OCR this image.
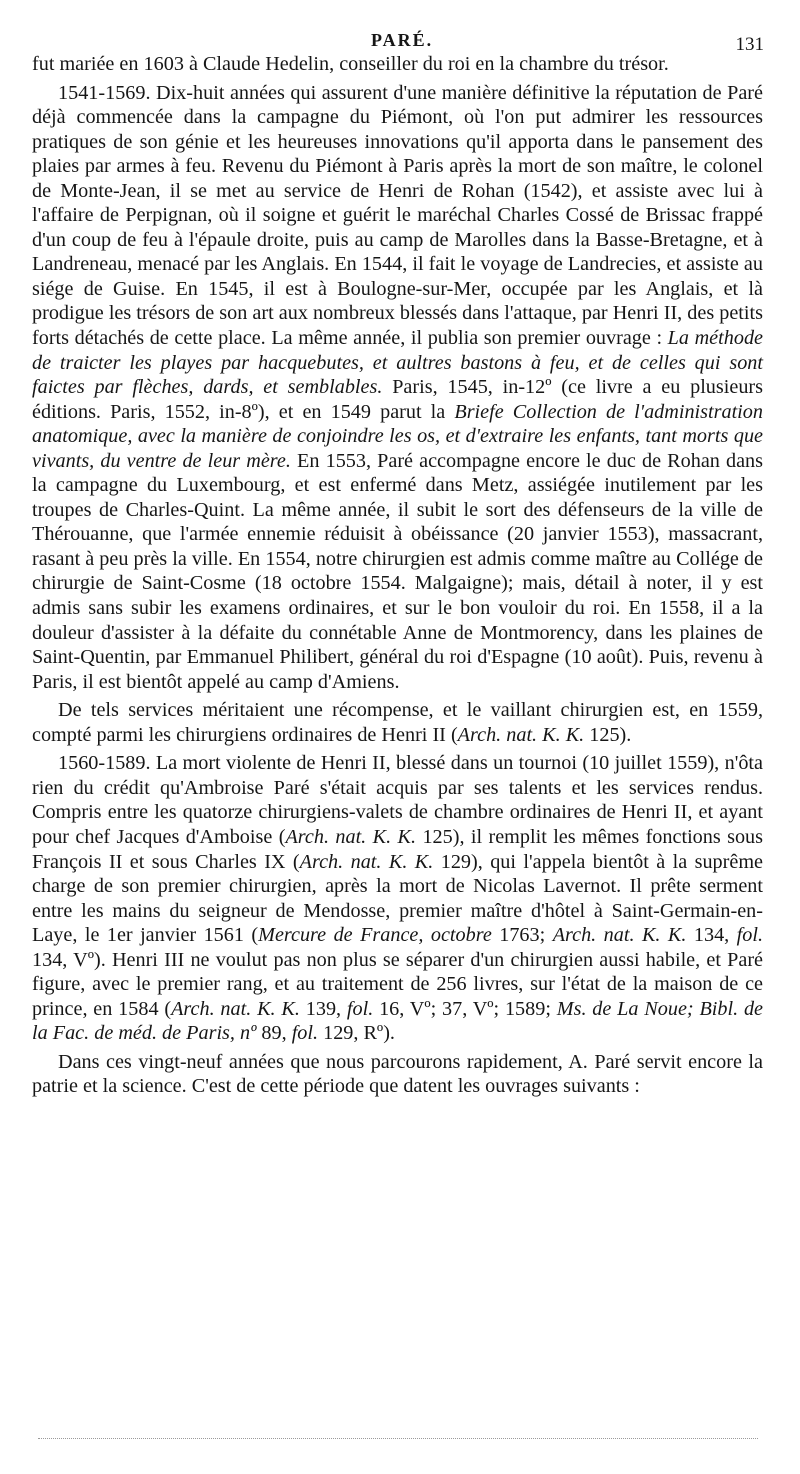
PARÉ.	131

fut mariée en 1603 à Claude Hedelin, conseiller du roi en la chambre du trésor.

1541-1569. Dix-huit années qui assurent d'une manière définitive la réputation de Paré déjà commencée dans la campagne du Piémont, où l'on put admirer les ressources pratiques de son génie et les heureuses innovations qu'il apporta dans le pansement des plaies par armes à feu. Revenu du Piémont à Paris après la mort de son maître, le colonel de Monte-Jean, il se met au service de Henri de Rohan (1542), et assiste avec lui à l'affaire de Perpignan, où il soigne et guérit le maréchal Charles Cossé de Brissac frappé d'un coup de feu à l'épaule droite, puis au camp de Marolles dans la Basse-Bretagne, et à Landreneau, menacé par les Anglais. En 1544, il fait le voyage de Landrecies, et assiste au siége de Guise. En 1545, il est à Boulogne-sur-Mer, occupée par les Anglais, et là prodigue les trésors de son art aux nombreux blessés dans l'attaque, par Henri II, des petits forts détachés de cette place. La même année, il publia son premier ouvrage : La méthode de traicter les playes par hacquebutes, et aultres bastons à feu, et de celles qui sont faictes par flèches, dards, et semblables. Paris, 1545, in-12º (ce livre a eu plusieurs éditions. Paris, 1552, in-8º), et en 1549 parut la Briefe Collection de l'administration anatomique, avec la manière de conjoindre les os, et d'extraire les enfants, tant morts que vivants, du ventre de leur mère. En 1553, Paré accompagne encore le duc de Rohan dans la campagne du Luxembourg, et est enfermé dans Metz, assiégée inutilement par les troupes de Charles-Quint. La même année, il subit le sort des défenseurs de la ville de Thérouanne, que l'armée ennemie réduisit à obéissance (20 janvier 1553), massacrant, rasant à peu près la ville. En 1554, notre chirurgien est admis comme maître au Collége de chirurgie de Saint-Cosme (18 octobre 1554. Malgaigne); mais, détail à noter, il y est admis sans subir les examens ordinaires, et sur le bon vouloir du roi. En 1558, il a la douleur d'assister à la défaite du connétable Anne de Montmorency, dans les plaines de Saint-Quentin, par Emmanuel Philibert, général du roi d'Espagne (10 août). Puis, revenu à Paris, il est bientôt appelé au camp d'Amiens.

De tels services méritaient une récompense, et le vaillant chirurgien est, en 1559, compté parmi les chirurgiens ordinaires de Henri II (Arch. nat. K. K. 125).

1560-1589. La mort violente de Henri II, blessé dans un tournoi (10 juillet 1559), n'ôta rien du crédit qu'Ambroise Paré s'était acquis par ses talents et les services rendus. Compris entre les quatorze chirurgiens-valets de chambre ordinaires de Henri II, et ayant pour chef Jacques d'Amboise (Arch. nat. K. K. 125), il remplit les mêmes fonctions sous François II et sous Charles IX (Arch. nat. K. K. 129), qui l'appela bientôt à la suprême charge de son premier chirurgien, après la mort de Nicolas Lavernot. Il prête serment entre les mains du seigneur de Mendosse, premier maître d'hôtel à Saint-Germain-en-Laye, le 1er janvier 1561 (Mercure de France, octobre 1763; Arch. nat. K. K. 134, fol. 134, Vº). Henri III ne voulut pas non plus se séparer d'un chirurgien aussi habile, et Paré figure, avec le premier rang, et au traitement de 256 livres, sur l'état de la maison de ce prince, en 1584 (Arch. nat. K. K. 139, fol. 16, Vº; 37, Vº; 1589; Ms. de La Noue; Bibl. de la Fac. de méd. de Paris, nº 89, fol. 129, Rº).

Dans ces vingt-neuf années que nous parcourons rapidement, A. Paré servit encore la patrie et la science. C'est de cette période que datent les ouvrages suivants :
